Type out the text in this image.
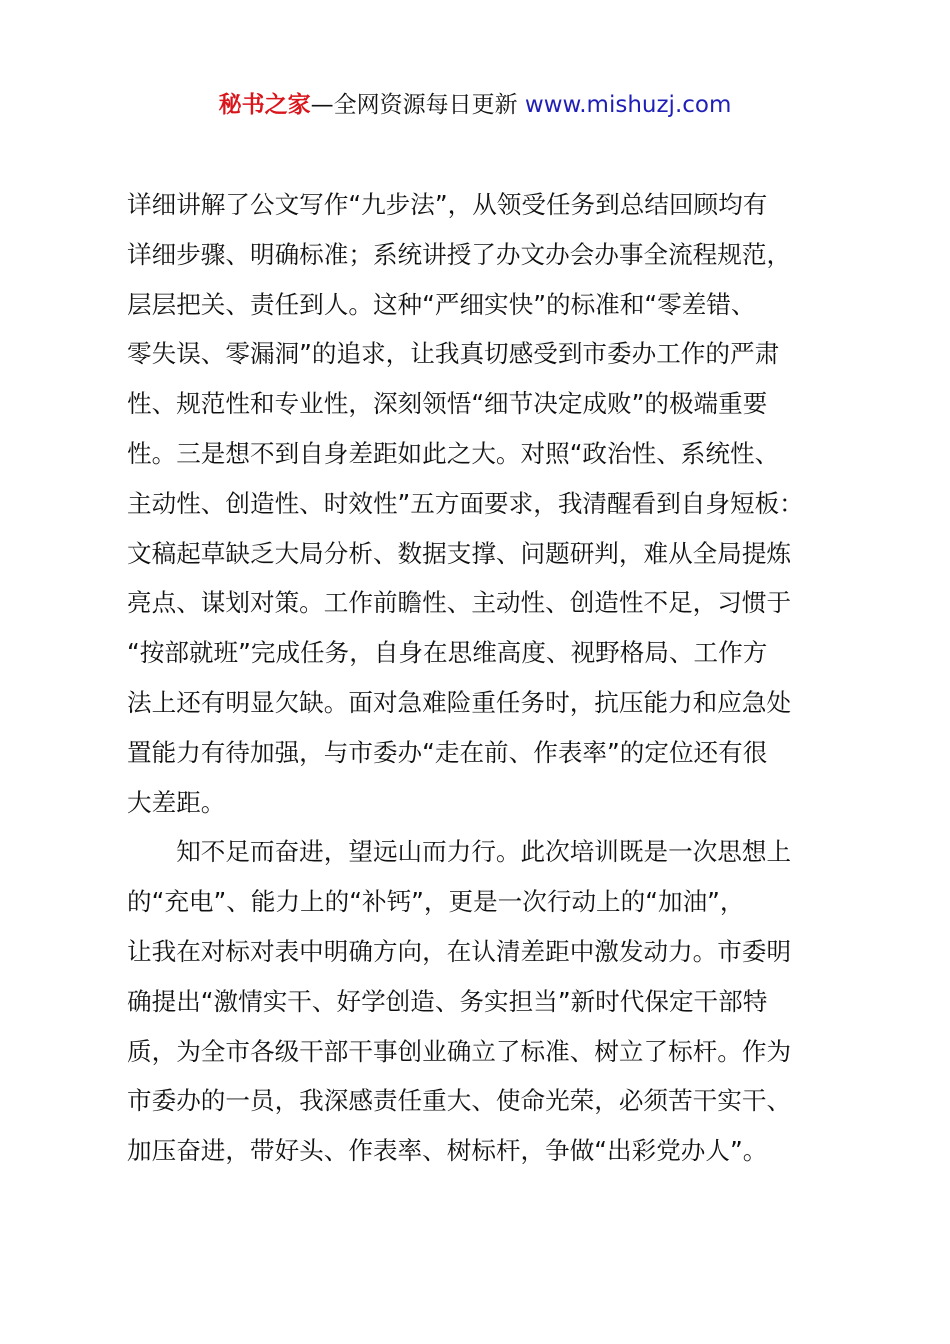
秘书之家—全网资源每日更新 www.mishuzj.com
详细讲解了公文写作“九步法”，从领受任务到总结回顾均有
详细步骤、明确标准；系统讲授了办文办会办事全流程规范，
层层把关、责任到人。这种“严细实快”的标准和“零差错、
零失误、零漏洞”的追求，让我真切感受到市委办工作的严肃
性、规范性和专业性，深刻领悟“细节决定成败”的极端重要
性。三是想不到自身差距如此之大。对照“政治性、系统性、
主动性、创造性、时效性”五方面要求，我清醒看到自身短板：
文稿起草缺乏大局分析、数据支撑、问题研判，难从全局提炼
亮点、谋划对策。工作前瞻性、主动性、创造性不足，习惯于
“按部就班”完成任务，自身在思维高度、视野格局、工作方
法上还有明显欠缺。面对急难险重任务时，抗压能力和应急处
置能力有待加强，与市委办“走在前、作表率”的定位还有很
大差距。
　　知不足而奋进，望远山而力行。此次培训既是一次思想上
的“充电”、能力上的“补钙”，更是一次行动上的“加油”，
让我在对标对表中明确方向，在认清差距中激发动力。市委明
确提出“激情实干、好学创造、务实担当”新时代保定干部特
质，为全市各级干部干事创业确立了标准、树立了标杆。作为
市委办的一员，我深感责任重大、使命光荣，必须苦干实干、
加压奋进，带好头、作表率、树标杆，争做“出彩党办人”。
